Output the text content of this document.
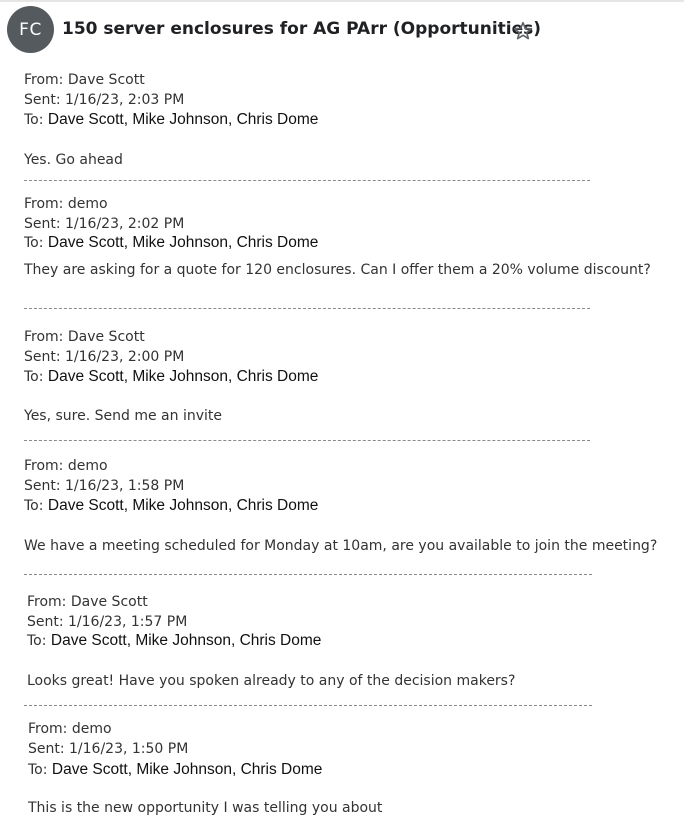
FC	150 server enclosures for AG PArr (Opportunities)
From: Dave Scott
Sent: 1/16/23, 2:03 PM
To: Dave Scott, Mike Johnson, Chris Dome
Yes. Go ahead
From: demo
Sent: 1/16/23, 2:02 PM
To: Dave Scott, Mike Johnson, Chris Dome
They are asking for a quote for 120 enclosures. Can I offer them a 20% volume discount?
From: Dave Scott
Sent: 1/16/23, 2:00 PM
To: Dave Scott, Mike Johnson, Chris Dome
Yes, sure. Send me an invite
From: demo
Sent: 1/16/23, 1:58 PM
To: Dave Scott, Mike Johnson, Chris Dome
We have a meeting scheduled for Monday at 10am, are you available to join the meeting?
From: Dave Scott
Sent: 1/16/23, 1:57 PM
To: Dave Scott, Mike Johnson, Chris Dome
Looks great! Have you spoken already to any of the decision makers?
From: demo
Sent: 1/16/23, 1:50 PM
To: Dave Scott, Mike Johnson, Chris Dome
This is the new opportunity I was telling you about
